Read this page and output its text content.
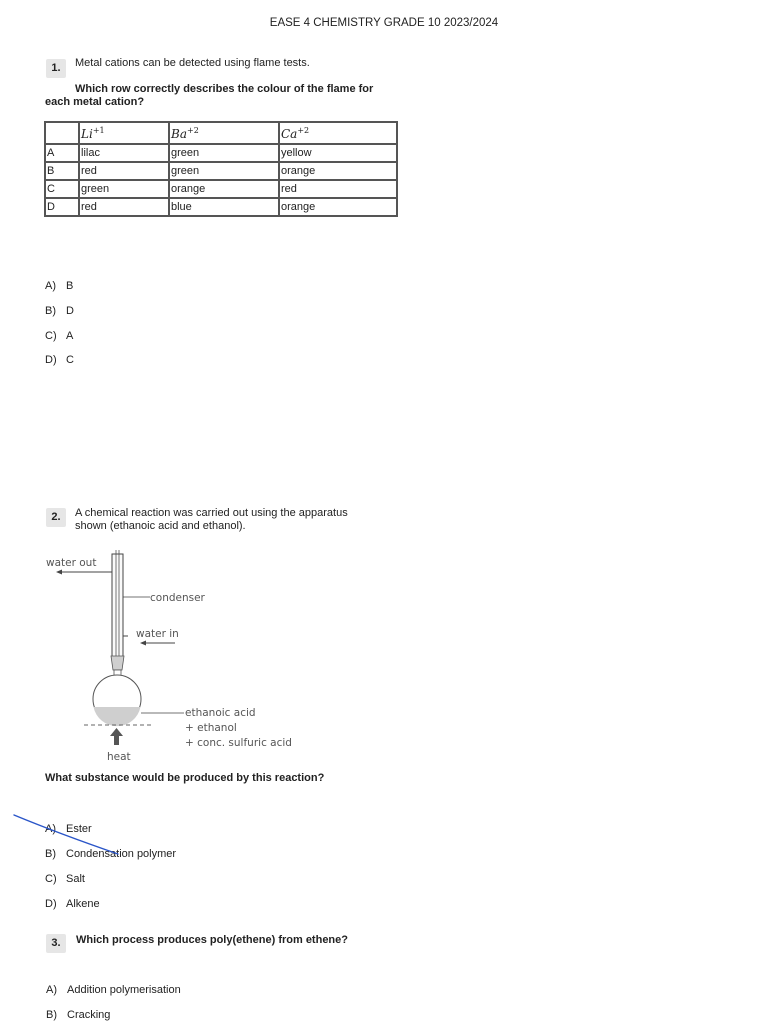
EASE 4 CHEMISTRY GRADE 10 2023/2024
1.	Metal cations can be detected using flame tests.
Which row correctly describes the colour of the flame for
each metal cation?
	$Li^{+1}$	$Ba^{+2}$	$Ca^{+2}$
A	lilac	green	yellow
B	red	green	orange
C	green	orange	red
D	red	blue	orange
A) B
B) D
C) A
D) C
2.	A chemical reaction was carried out using the apparatus
shown (ethanoic acid and ethanol).
water out
condenser
water in
heat
ethanoic acid
+ ethanol
+ conc. sulfuric acid
What substance would be produced by this reaction?
A) Ester
B) Condensation polymer
C) Salt
D) Alkene
3.	Which process produces poly(ethene) from ethene?
A) Addition polymerisation
B) Cracking
